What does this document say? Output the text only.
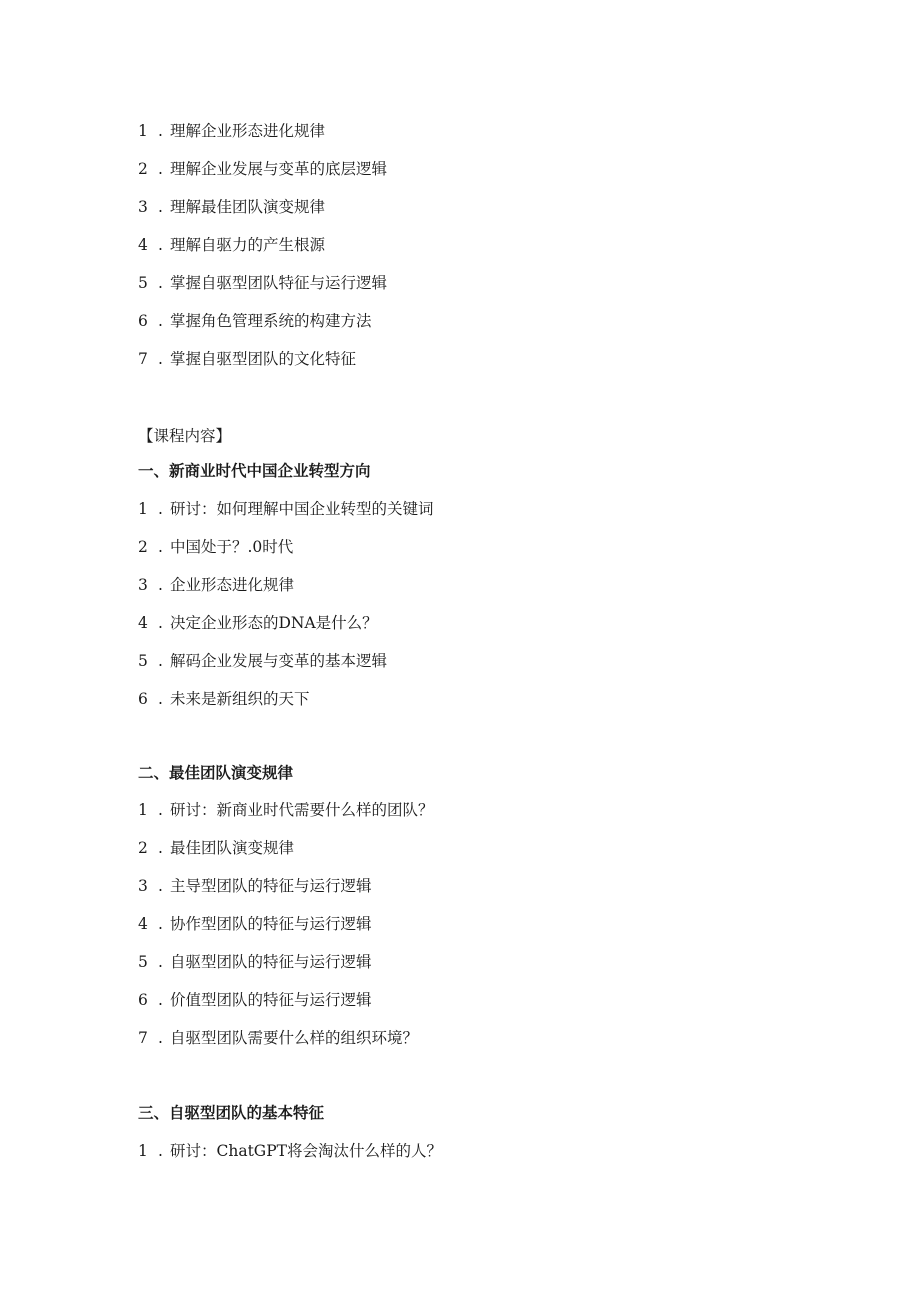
1 . 理解企业形态进化规律
2 . 理解企业发展与变革的底层逻辑
3 . 理解最佳团队演变规律
4 . 理解自驱力的产生根源
5 . 掌握自驱型团队特征与运行逻辑
6 . 掌握角色管理系统的构建方法
7 . 掌握自驱型团队的文化特征
【课程内容】
一、新商业时代中国企业转型方向
1 . 研讨：如何理解中国企业转型的关键词
2 . 中国处于？.0时代
3 . 企业形态进化规律
4 . 决定企业形态的DNA是什么？
5 . 解码企业发展与变革的基本逻辑
6 . 未来是新组织的天下
二、最佳团队演变规律
1 . 研讨：新商业时代需要什么样的团队？
2 . 最佳团队演变规律
3 . 主导型团队的特征与运行逻辑
4 . 协作型团队的特征与运行逻辑
5 . 自驱型团队的特征与运行逻辑
6 . 价值型团队的特征与运行逻辑
7 . 自驱型团队需要什么样的组织环境？
三、自驱型团队的基本特征
1 . 研讨：ChatGPT将会淘汰什么样的人？
